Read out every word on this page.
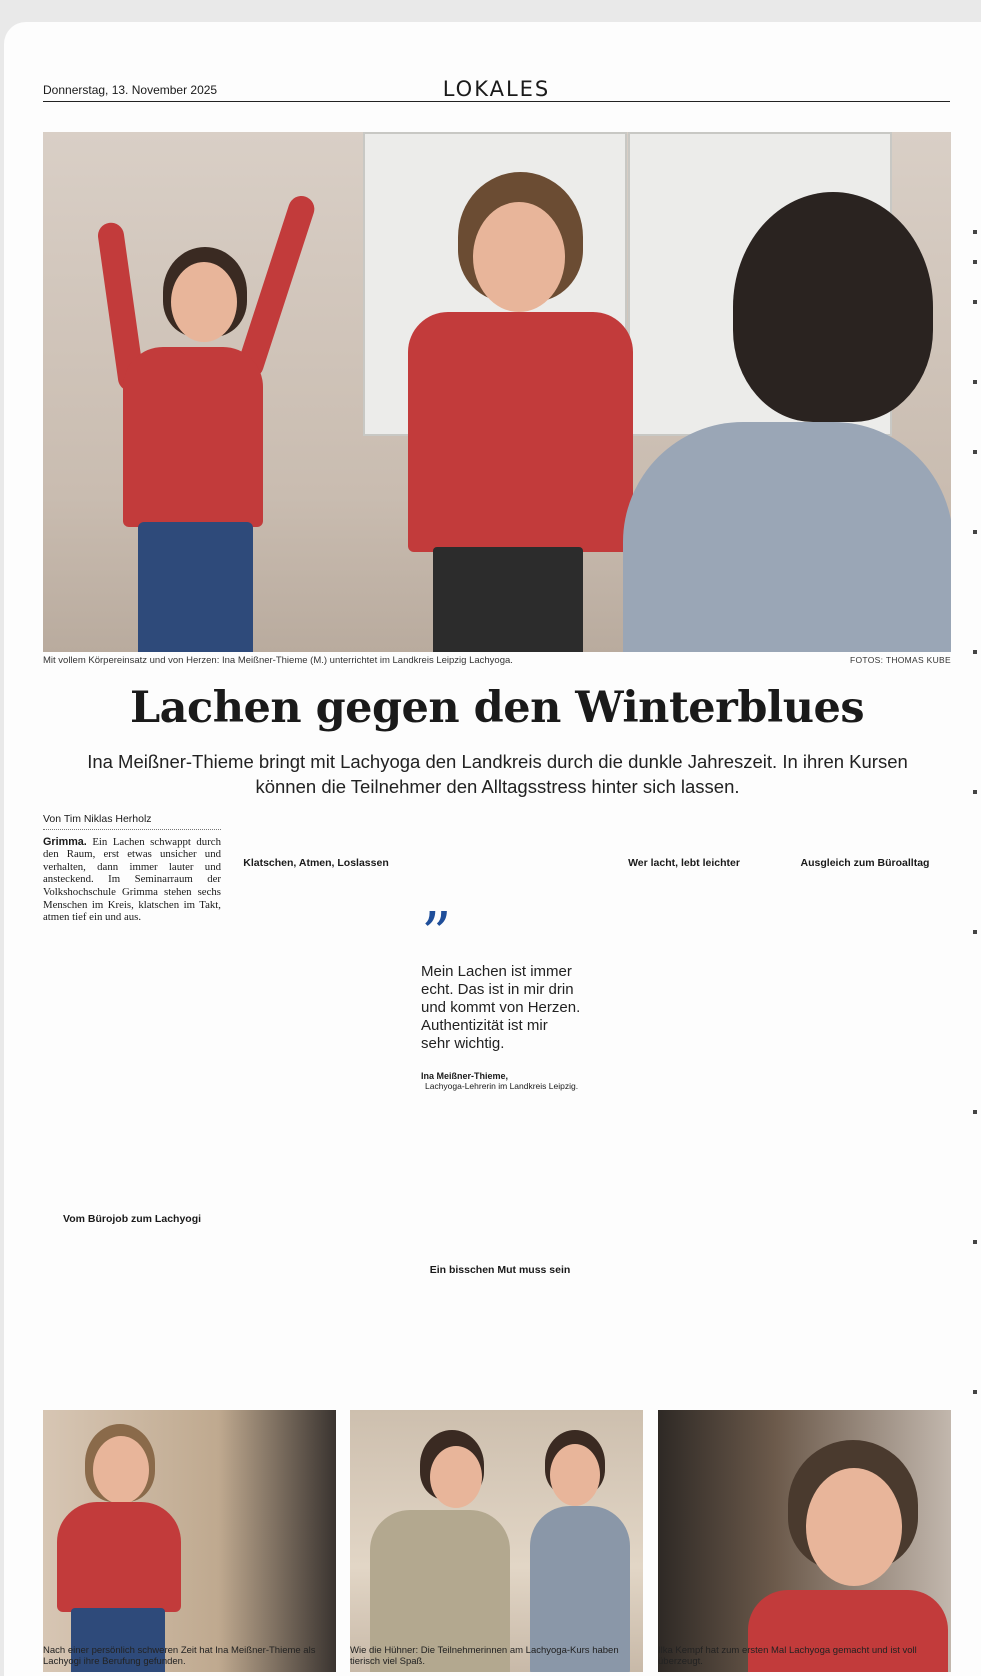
Donnerstag, 13. November 2025	LOKALES
Mit vollem Körpereinsatz und von Herzen: Ina Meißner-Thieme (M.) unterrichtet im Landkreis Leipzig Lachyoga.	FOTOS: THOMAS KUBE
Lachen gegen den Winterblues
Ina Meißner-Thieme bringt mit Lachyoga den Landkreis durch die dunkle Jahreszeit. In ihren Kursen können die Teilnehmer den Alltagsstress hinter sich lassen.
Von Tim Niklas Herholz

Grimma. Ein Lachen schwappt durch den Raum, erst etwas unsicher und verhalten, dann immer lauter und ansteckend. Im Seminarraum der Volkshochschule Grimma stehen sechs Menschen im Kreis, klatschen im Takt, atmen tief ein und aus.

Vom Bürojob zum Lachyogi
Klatschen, Atmen, Loslassen
”
Mein Lachen ist immer echt. Das ist in mir drin und kommt von Herzen. Authentizität ist mir sehr wichtig.
Ina Meißner-Thieme,
Lachyoga-Lehrerin im Landkreis Leipzig.
Ein bisschen Mut muss sein
Wer lacht, lebt leichter	Ausgleich zum Büroalltag
Nach einer persönlich schweren Zeit hat Ina Meißner-Thieme als Lachyogi ihre Berufung gefunden.
Wie die Hühner: Die Teilnehmerinnen am Lachyoga-Kurs haben tierisch viel Spaß.
Ilka Kempf hat zum ersten Mal Lachyoga gemacht und ist voll überzeugt.
